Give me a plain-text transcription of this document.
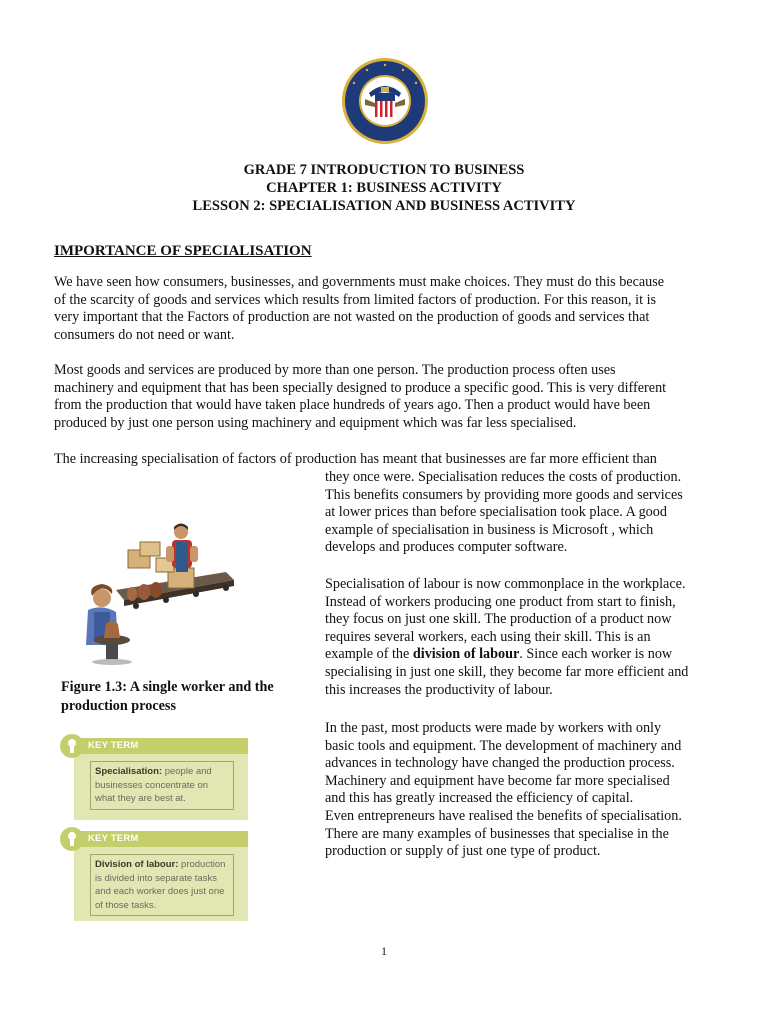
GRADE 7 INTRODUCTION TO BUSINESS
CHAPTER 1: BUSINESS ACTIVITY
LESSON 2: SPECIALISATION AND BUSINESS ACTIVITY
IMPORTANCE OF SPECIALISATION
We have seen how consumers, businesses, and governments must make choices. They must do this because
of the scarcity of goods and services which results from limited factors of production. For this reason, it is
very important that the Factors of production are not wasted on the production of goods and services that
consumers do not need or want.
Most goods and services are produced by more than one person. The production process often uses
machinery and equipment that has been specially designed to produce a specific good. This is very different
from the production that would have taken place hundreds of years ago. Then a product would have been
produced by just one person using machinery and equipment which was far less specialised.
The increasing specialisation of factors of production has meant that businesses are far more efficient than
they once were. Specialisation reduces the costs of production.
This benefits consumers by providing more goods and services
at lower prices than before specialisation took place. A good
example of specialisation in business is Microsoft , which
develops and produces computer software.
Specialisation of labour is now commonplace in the workplace.
Instead of workers producing one product from start to finish,
they focus on just one skill. The production of a product now
requires several workers, each using their skill. This is an
example of the division of labour. Since each worker is now
specialising in just one skill, they become far more efficient and
this increases the productivity of labour.
In the past, most products were made by workers with only
basic tools and equipment. The development of machinery and
advances in technology have changed the production process.
Machinery and equipment have become far more specialised
and this has greatly increased the efficiency of capital.
Even entrepreneurs have realised the benefits of specialisation.
There are many examples of businesses that specialise in the
production or supply of just one type of product.
Figure 1.3: A single worker and the
production process
KEY TERM
Specialisation: people and businesses concentrate on what they are best at.
KEY TERM
Division of labour: production is divided into separate tasks and each worker does just one of those tasks.
1
